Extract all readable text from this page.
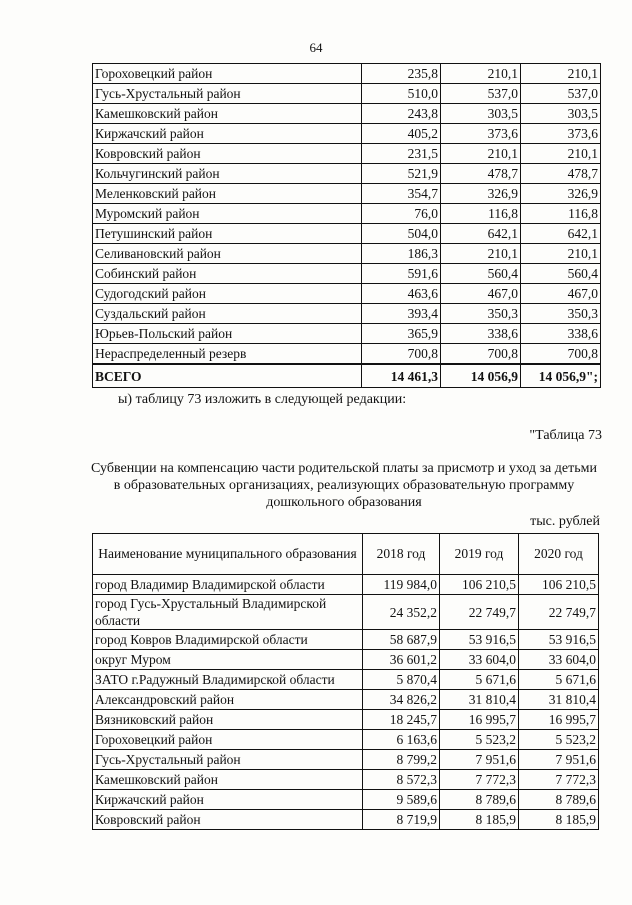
64
Гороховецкий район	235,8	210,1	210,1
Гусь-Хрустальный район	510,0	537,0	537,0
Камешковский район	243,8	303,5	303,5
Киржачский район	405,2	373,6	373,6
Ковровский район	231,5	210,1	210,1
Кольчугинский район	521,9	478,7	478,7
Меленковский район	354,7	326,9	326,9
Муромский район	76,0	116,8	116,8
Петушинский район	504,0	642,1	642,1
Селивановский район	186,3	210,1	210,1
Собинский район	591,6	560,4	560,4
Судогодский район	463,6	467,0	467,0
Суздальский район	393,4	350,3	350,3
Юрьев-Польский район	365,9	338,6	338,6
Нераспределенный резерв	700,8	700,8	700,8
ВСЕГО	14 461,3	14 056,9	14 056,9";
ы) таблицу 73 изложить в следующей редакции:
"Таблица 73
Субвенции на компенсацию части родительской платы за присмотр и уход за детьми в образовательных организациях, реализующих образовательную программу дошкольного образования
тыс. рублей
Наименование муниципального образования	2018 год	2019 год	2020 год
город Владимир Владимирской области	119 984,0	106 210,5	106 210,5
город Гусь-Хрустальный Владимирской области	24 352,2	22 749,7	22 749,7
город Ковров Владимирской области	58 687,9	53 916,5	53 916,5
округ Муром	36 601,2	33 604,0	33 604,0
ЗАТО г.Радужный Владимирской области	5 870,4	5 671,6	5 671,6
Александровский район	34 826,2	31 810,4	31 810,4
Вязниковский район	18 245,7	16 995,7	16 995,7
Гороховецкий район	6 163,6	5 523,2	5 523,2
Гусь-Хрустальный район	8 799,2	7 951,6	7 951,6
Камешковский район	8 572,3	7 772,3	7 772,3
Киржачский район	9 589,6	8 789,6	8 789,6
Ковровский район	8 719,9	8 185,9	8 185,9
